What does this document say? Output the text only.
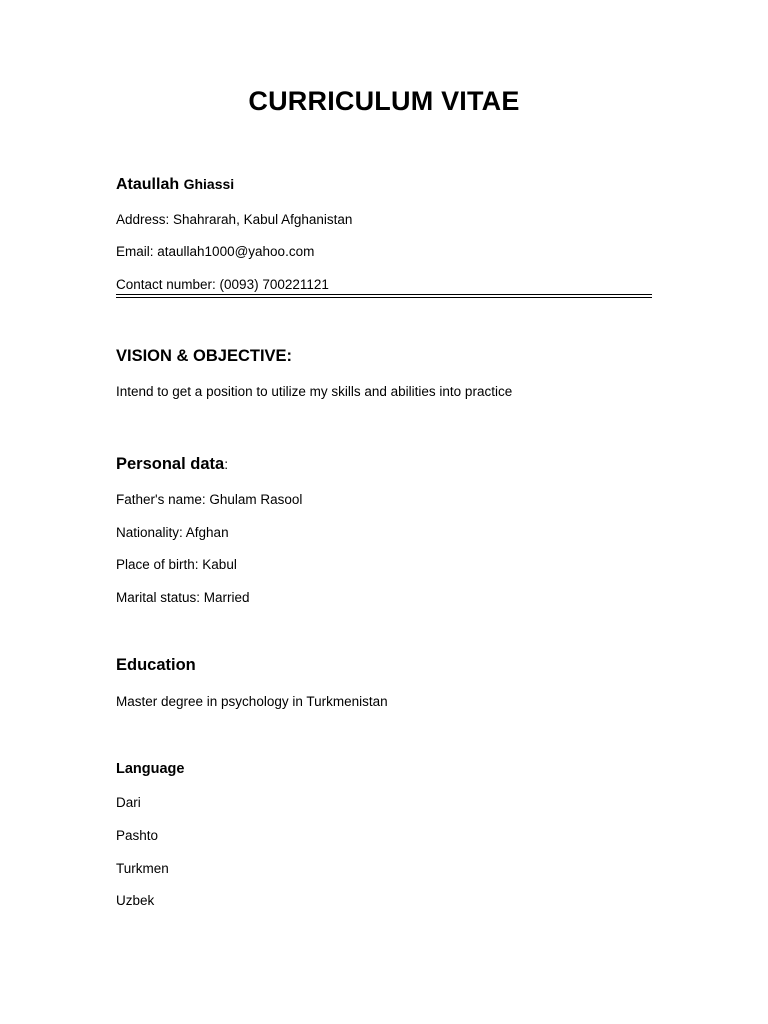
CURRICULUM VITAE

Ataullah Ghiassi

Address: Shahrarah, Kabul Afghanistan

Email: ataullah1000@yahoo.com

Contact number: (0093) 700221121

VISION & OBJECTIVE:

Intend to get a position to utilize my skills and abilities into practice

Personal data:

Father's name: Ghulam Rasool

Nationality: Afghan

Place of birth: Kabul

Marital status: Married

Education

Master degree in psychology in Turkmenistan

Language

Dari

Pashto

Turkmen

Uzbek
